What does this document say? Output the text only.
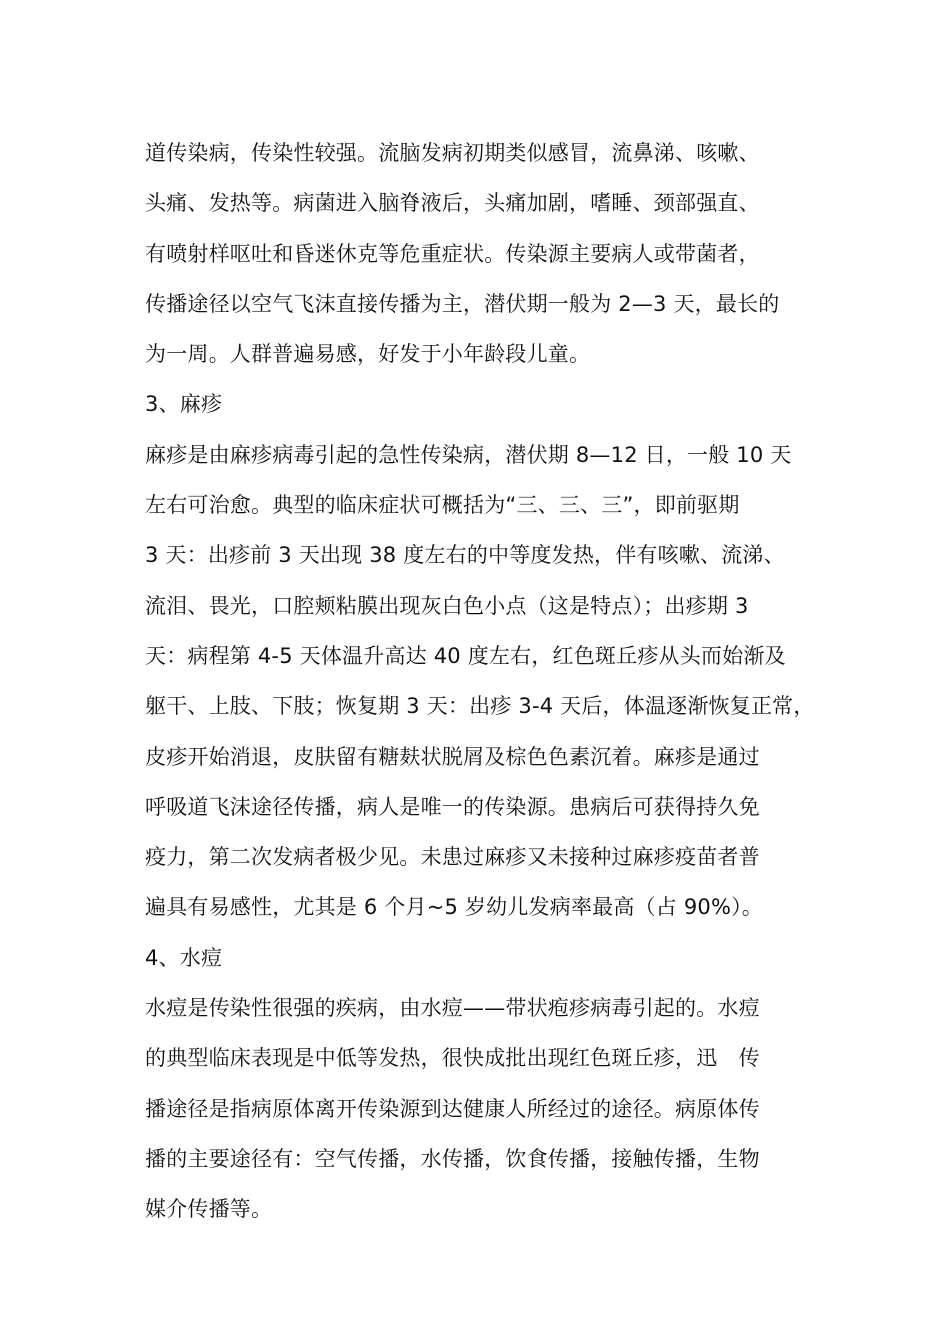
道传染病，传染性较强。流脑发病初期类似感冒，流鼻涕、咳嗽、
头痛、发热等。病菌进入脑脊液后，头痛加剧，嗜睡、颈部强直、
有喷射样呕吐和昏迷休克等危重症状。传染源主要病人或带菌者，
传播途径以空气飞沫直接传播为主，潜伏期一般为 2—3 天，最长的
为一周。人群普遍易感，好发于小年龄段儿童。
3、麻疹
麻疹是由麻疹病毒引起的急性传染病，潜伏期 8—12 日，一般 10 天
左右可治愈。典型的临床症状可概括为“三、三、三”，即前驱期
3 天：出疹前 3 天出现 38 度左右的中等度发热，伴有咳嗽、流涕、
流泪、畏光，口腔颊粘膜出现灰白色小点（这是特点）；出疹期 3
天：病程第 4-5 天体温升高达 40 度左右，红色斑丘疹从头而始渐及
躯干、上肢、下肢；恢复期 3 天：出疹 3-4 天后，体温逐渐恢复正常，
皮疹开始消退，皮肤留有糖麸状脱屑及棕色色素沉着。麻疹是通过
呼吸道飞沫途径传播，病人是唯一的传染源。患病后可获得持久免
疫力，第二次发病者极少见。未患过麻疹又未接种过麻疹疫苗者普
遍具有易感性，尤其是 6 个月~5 岁幼儿发病率最高（占 90%）。
4、水痘
水痘是传染性很强的疾病，由水痘——带状疱疹病毒引起的。水痘
的典型临床表现是中低等发热，很快成批出现红色斑丘疹，迅　传
播途径是指病原体离开传染源到达健康人所经过的途径。病原体传
播的主要途径有：空气传播，水传播，饮食传播，接触传播，生物
媒介传播等。
